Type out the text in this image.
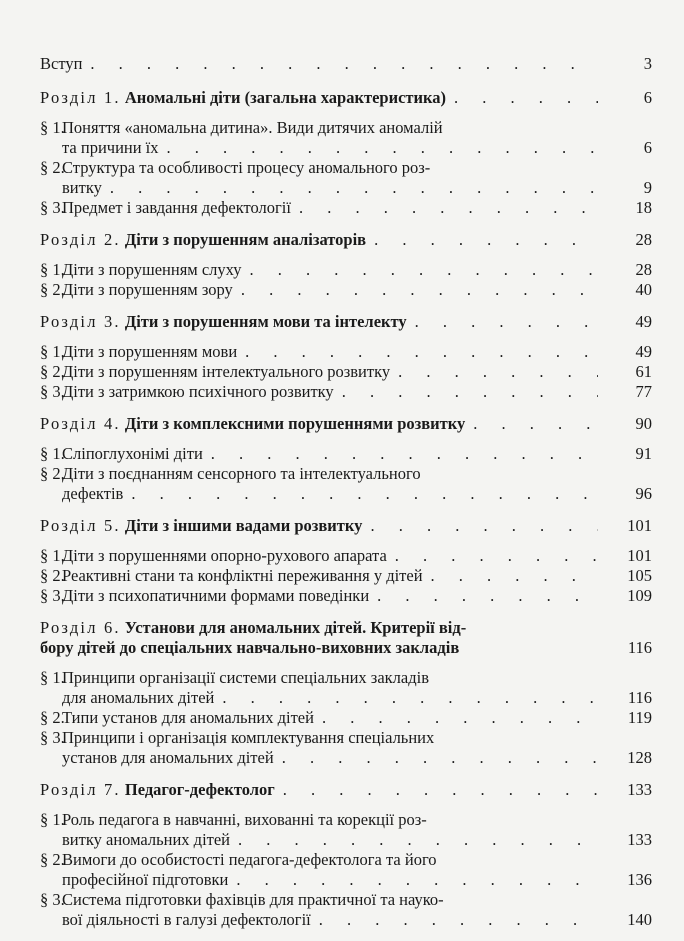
Вступ . . .	3
Розділ 1.
Аномальні діти (загальна характеристика) . . .	6
§ 1.
Поняття «аномальна дитина». Види дитячих аномалій
та причини їх . . .	6
§ 2.
Структура та особливості процесу аномального роз-
витку . . .	9
§ 3.
Предмет і завдання дефектології . . .	18
Розділ 2.
Діти з порушенням аналізаторів . . .	28
§ 1.
Діти з порушенням слуху . . .	28
§ 2.
Діти з порушенням зору . . .	40
Розділ 3.
Діти з порушенням мови та інтелекту . . .	49
§ 1.
Діти з порушенням мови . . .	49
§ 2.
Діти з порушенням інтелектуального розвитку . . .	61
§ 3.
Діти з затримкою психічного розвитку . . .	77
Розділ 4.
Діти з комплексними порушеннями розвитку . . .	90
§ 1.
Сліпоглухонімі діти . . .	91
§ 2.
Діти з поєднанням сенсорного та інтелектуального
дефектів . . .	96
Розділ 5.
Діти з іншими вадами розвитку . . .	101
§ 1.
Діти з порушеннями опорно-рухового апарата . . .	101
§ 2.
Реактивні стани та конфліктні переживання у дітей . . .	105
§ 3.
Діти з психопатичними формами поведінки . . .	109
Розділ 6.
Установи для аномальних дітей. Критерії від-
бору дітей до спеціальних навчально-виховних закладів	116
§ 1.
Принципи організації системи спеціальних закладів
для аномальних дітей . . .	116
§ 2.
Типи установ для аномальних дітей . . .	119
§ 3.
Принципи і організація комплектування спеціальних
установ для аномальних дітей . . .	128
Розділ 7.
Педагог-дефектолог . . .	133
§ 1.
Роль педагога в навчанні, вихованні та корекції роз-
витку аномальних дітей . . .	133
§ 2.
Вимоги до особистості педагога-дефектолога та його
професійної підготовки . . .	136
§ 3.
Система підготовки фахівців для практичної та науко-
вої діяльності в галузі дефектології . . .	140
